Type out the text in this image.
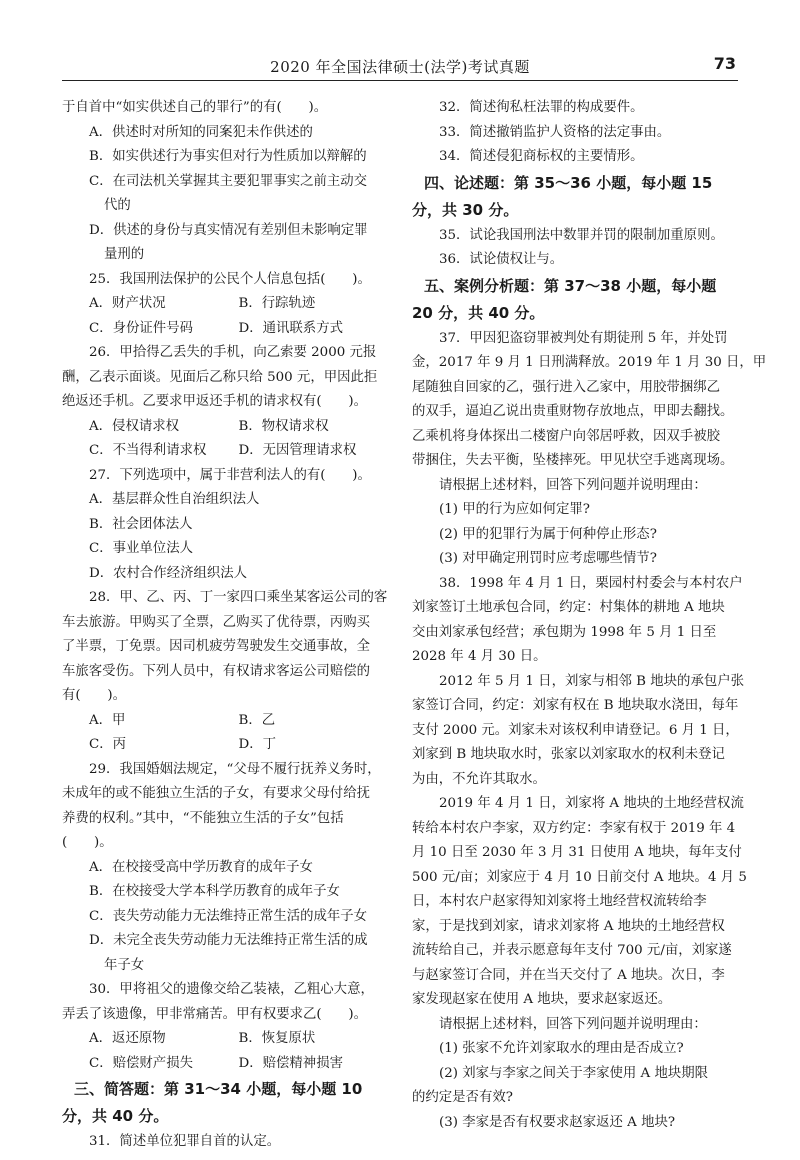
2020 年全国法律硕士(法学)考试真题	73
于自首中“如实供述自己的罪行”的有(　　)。
A．供述时对所知的同案犯未作供述的
B．如实供述行为事实但对行为性质加以辩解的
C．在司法机关掌握其主要犯罪事实之前主动交
代的
D．供述的身份与真实情况有差别但未影响定罪
量刑的
25．我国刑法保护的公民个人信息包括(　　)。
A．财产状况	B．行踪轨迹
C．身份证件号码	D．通讯联系方式
26．甲拾得乙丢失的手机，向乙索要 2000 元报
酬，乙表示面谈。见面后乙称只给 500 元，甲因此拒
绝返还手机。乙要求甲返还手机的请求权有(　　)。
A．侵权请求权	B．物权请求权
C．不当得利请求权	D．无因管理请求权
27．下列选项中，属于非营利法人的有(　　)。
A．基层群众性自治组织法人
B．社会团体法人
C．事业单位法人
D．农村合作经济组织法人
28．甲、乙、丙、丁一家四口乘坐某客运公司的客
车去旅游。甲购买了全票，乙购买了优待票，丙购买
了半票，丁免票。因司机疲劳驾驶发生交通事故，全
车旅客受伤。下列人员中，有权请求客运公司赔偿的
有(　　)。
A．甲	B．乙
C．丙	D．丁
29．我国婚姻法规定，“父母不履行抚养义务时，
未成年的或不能独立生活的子女，有要求父母付给抚
养费的权利。”其中，“不能独立生活的子女”包括
(　　)。
A．在校接受高中学历教育的成年子女
B．在校接受大学本科学历教育的成年子女
C．丧失劳动能力无法维持正常生活的成年子女
D．未完全丧失劳动能力无法维持正常生活的成
年子女
30．甲将祖父的遗像交给乙装裱，乙粗心大意，
弄丢了该遗像，甲非常痛苦。甲有权要求乙(　　)。
A．返还原物	B．恢复原状
C．赔偿财产损失	D．赔偿精神损害
三、简答题：第 31～34 小题，每小题 10
分，共 40 分。
31．简述单位犯罪自首的认定。
32．简述徇私枉法罪的构成要件。
33．简述撤销监护人资格的法定事由。
34．简述侵犯商标权的主要情形。
四、论述题：第 35～36 小题，每小题 15
分，共 30 分。
35．试论我国刑法中数罪并罚的限制加重原则。
36．试论债权让与。
五、案例分析题：第 37～38 小题，每小题
20 分，共 40 分。
37．甲因犯盗窃罪被判处有期徒刑 5 年，并处罚
金，2017 年 9 月 1 日刑满释放。2019 年 1 月 30 日，甲
尾随独自回家的乙，强行进入乙家中，用胶带捆绑乙
的双手，逼迫乙说出贵重财物存放地点，甲即去翻找。
乙乘机将身体探出二楼窗户向邻居呼救，因双手被胶
带捆住，失去平衡，坠楼摔死。甲见状空手逃离现场。
请根据上述材料，回答下列问题并说明理由：
(1) 甲的行为应如何定罪?
(2) 甲的犯罪行为属于何种停止形态?
(3) 对甲确定刑罚时应考虑哪些情节?
38．1998 年 4 月 1 日，栗园村村委会与本村农户
刘家签订土地承包合同，约定：村集体的耕地 A 地块
交由刘家承包经营；承包期为 1998 年 5 月 1 日至
2028 年 4 月 30 日。
2012 年 5 月 1 日，刘家与相邻 B 地块的承包户张
家签订合同，约定：刘家有权在 B 地块取水浇田，每年
支付 2000 元。刘家未对该权利申请登记。6 月 1 日，
刘家到 B 地块取水时，张家以刘家取水的权利未登记
为由，不允许其取水。
2019 年 4 月 1 日，刘家将 A 地块的土地经营权流
转给本村农户李家，双方约定：李家有权于 2019 年 4
月 10 日至 2030 年 3 月 31 日使用 A 地块，每年支付
500 元/亩；刘家应于 4 月 10 日前交付 A 地块。4 月 5
日，本村农户赵家得知刘家将土地经营权流转给李
家，于是找到刘家，请求刘家将 A 地块的土地经营权
流转给自己，并表示愿意每年支付 700 元/亩，刘家遂
与赵家签订合同，并在当天交付了 A 地块。次日，李
家发现赵家在使用 A 地块，要求赵家返还。
请根据上述材料，回答下列问题并说明理由：
(1) 张家不允许刘家取水的理由是否成立?
(2) 刘家与李家之间关于李家使用 A 地块期限
的约定是否有效?
(3) 李家是否有权要求赵家返还 A 地块?
